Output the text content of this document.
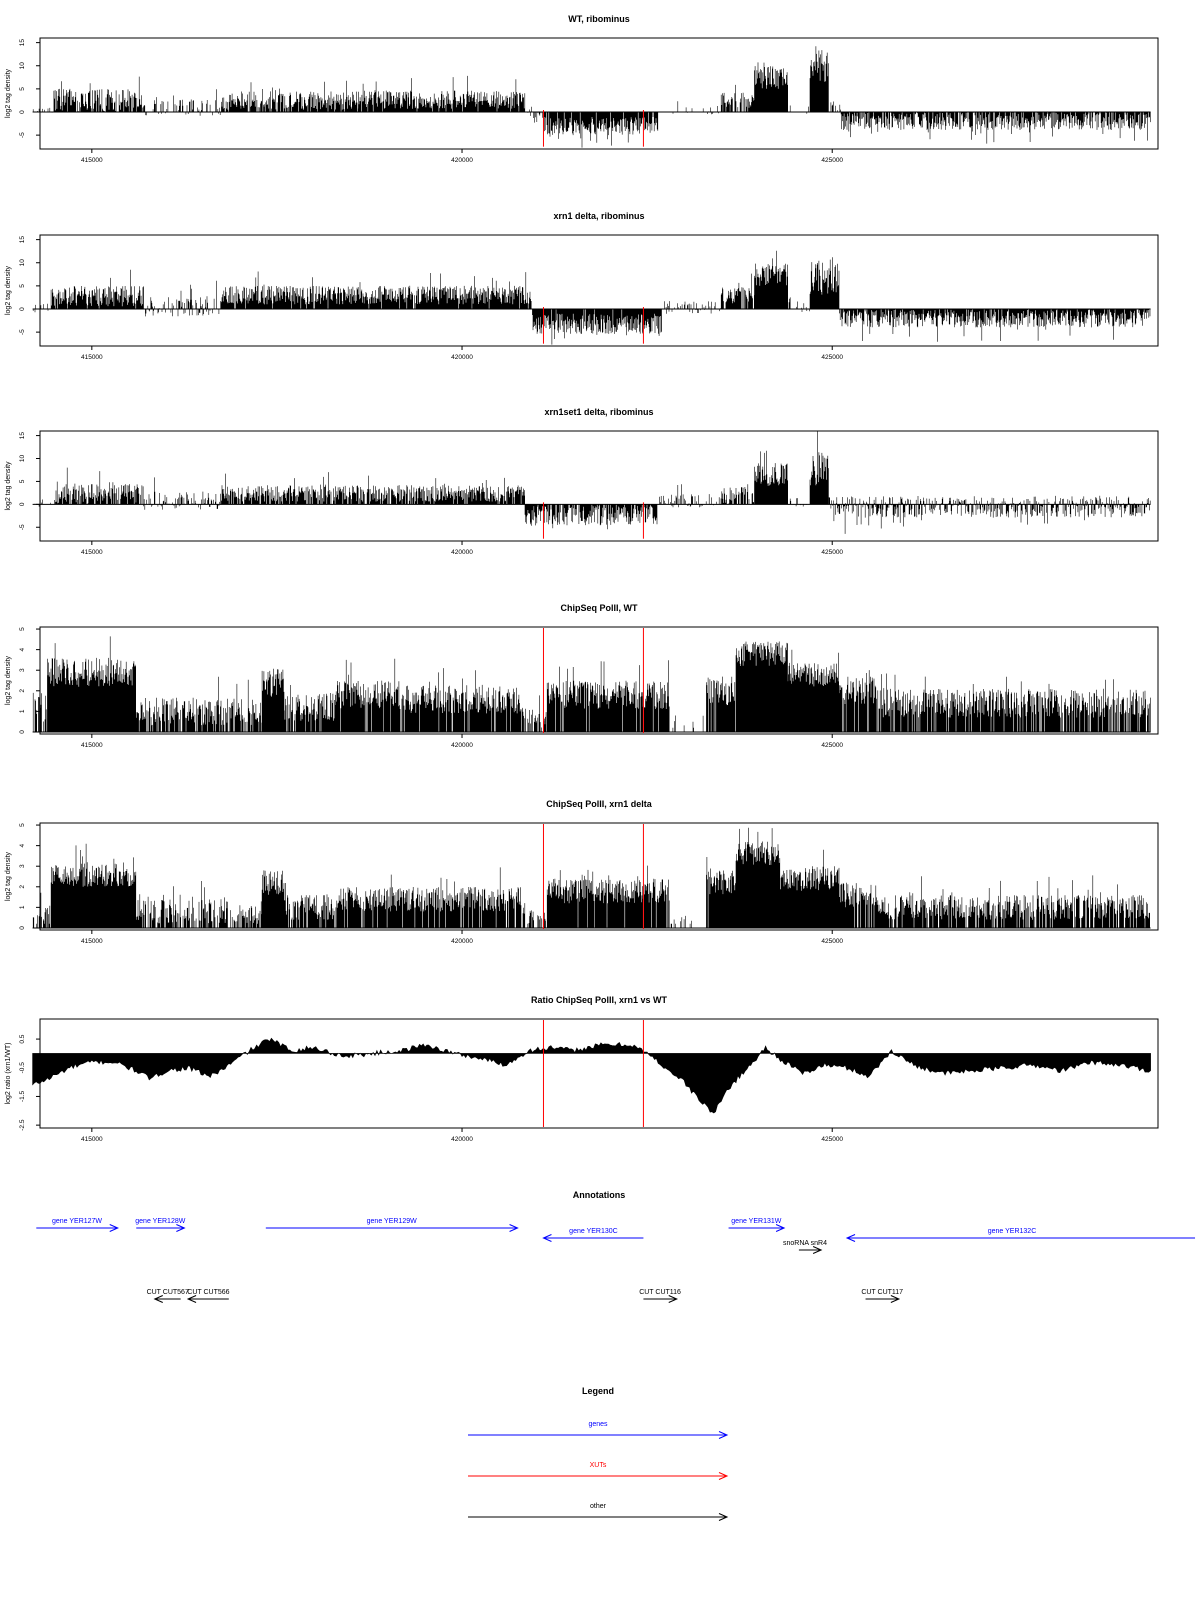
WT, ribominus
log2 tag density
-5
0
5
10
15
415000	420000	425000
xrn1 delta, ribominus
log2 tag density
-5
0
5
10
15
415000	420000	425000
xrn1set1 delta, ribominus
log2 tag density
-5
0
5
10
15
415000	420000	425000
ChipSeq PolII, WT
log2 tag density
0
1
2
3
4
5
415000	420000	425000
ChipSeq PolII, xrn1 delta
log2 tag density
0
1
2
3
4
5
415000	420000	425000
Ratio ChipSeq PolII, xrn1 vs WT
log2 ratio (xrn1/WT)
0.5
-0.5
-1.5
-2.5
415000	420000	425000
Annotations
gene YER127W	gene YER128W	gene YER129W
gene YER130C
gene YER131W
snoRNA snR4
gene YER132C
CUT CUT567
CUT CUT566	CUT CUT116	CUT CUT117
Legend
genes
XUTs
other
